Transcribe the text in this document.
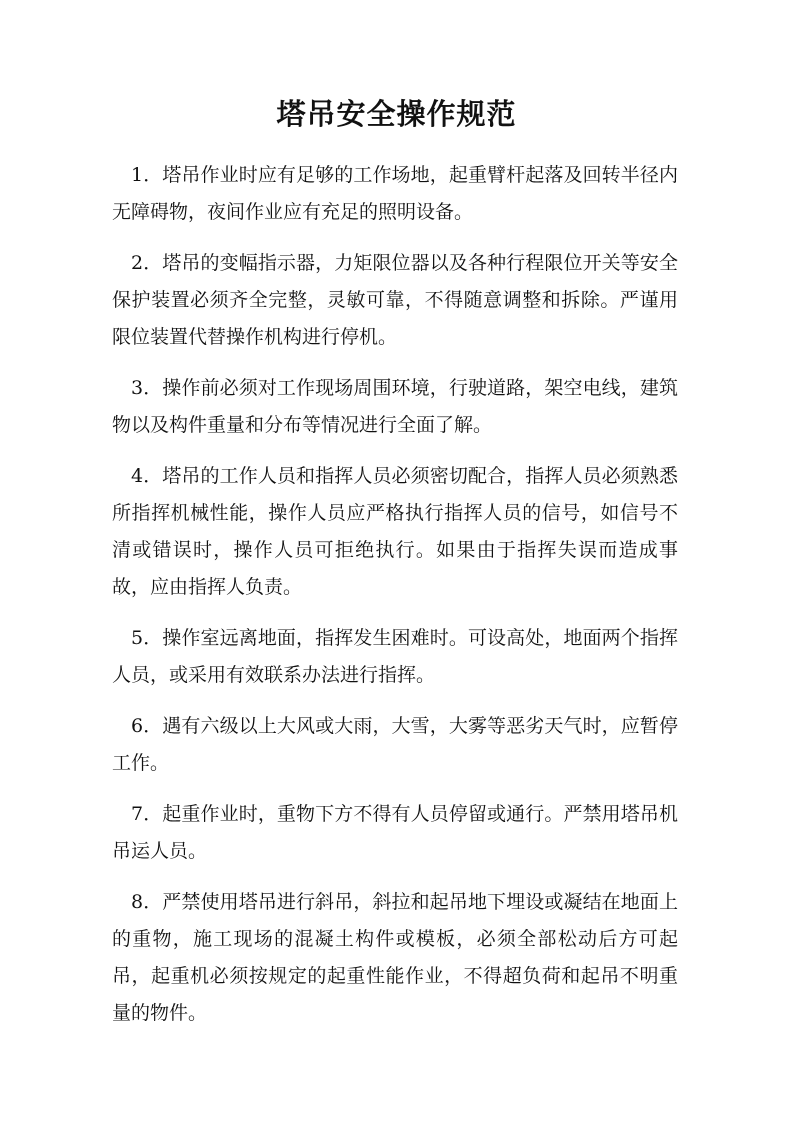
塔吊安全操作规范

1．塔吊作业时应有足够的工作场地，起重臂杆起落及回转半径内无障碍物，夜间作业应有充足的照明设备。

2．塔吊的变幅指示器，力矩限位器以及各种行程限位开关等安全保护装置必须齐全完整，灵敏可靠，不得随意调整和拆除。严谨用限位装置代替操作机构进行停机。

3．操作前必须对工作现场周围环境，行驶道路，架空电线，建筑物以及构件重量和分布等情况进行全面了解。

4．塔吊的工作人员和指挥人员必须密切配合，指挥人员必须熟悉所指挥机械性能，操作人员应严格执行指挥人员的信号，如信号不清或错误时，操作人员可拒绝执行。如果由于指挥失误而造成事故，应由指挥人负责。

5．操作室远离地面，指挥发生困难时。可设高处，地面两个指挥人员，或采用有效联系办法进行指挥。

6．遇有六级以上大风或大雨，大雪，大雾等恶劣天气时，应暂停工作。

7．起重作业时，重物下方不得有人员停留或通行。严禁用塔吊机吊运人员。

8．严禁使用塔吊进行斜吊，斜拉和起吊地下埋设或凝结在地面上的重物，施工现场的混凝土构件或模板，必须全部松动后方可起吊，起重机必须按规定的起重性能作业，不得超负荷和起吊不明重量的物件。
